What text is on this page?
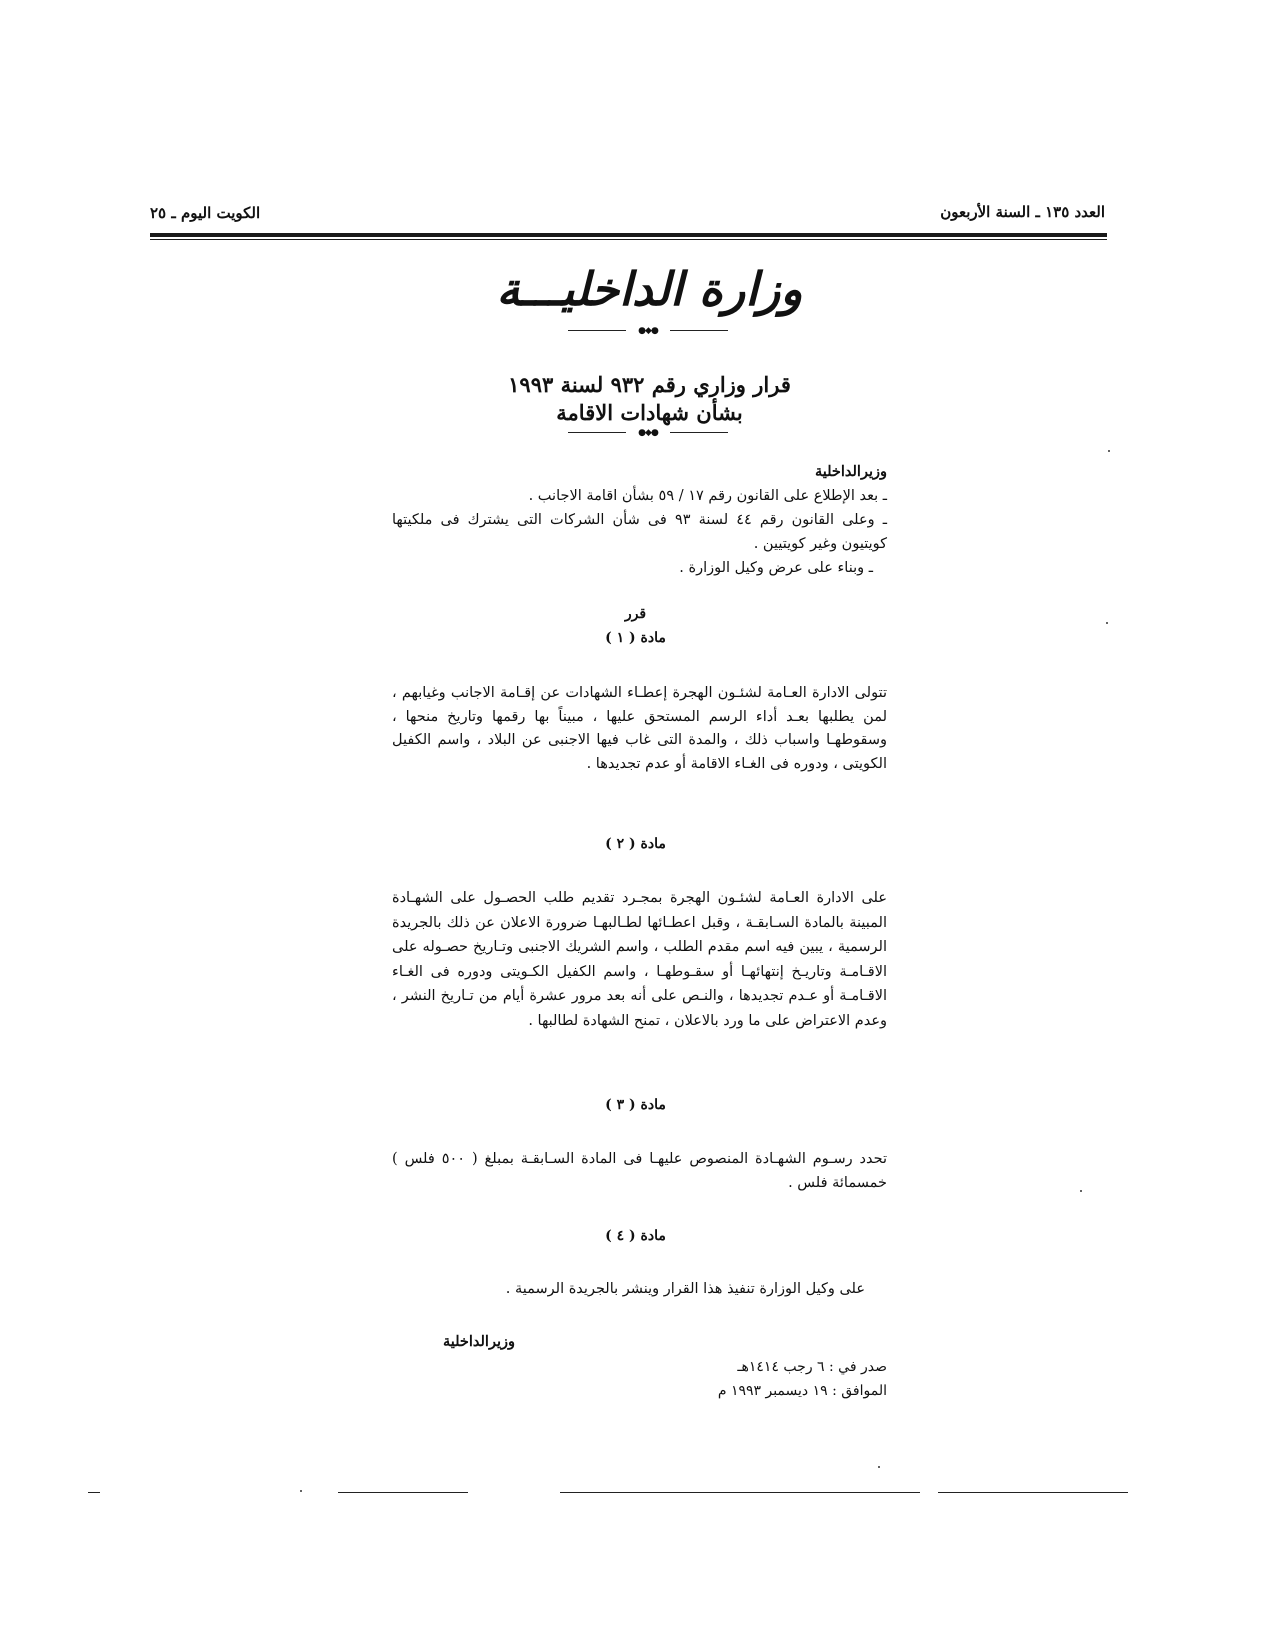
العدد ١٣٥ ـ السنة الأربعون
الكويت اليوم ـ ٢٥
وزارة الداخليـــة
●◆●
قرار وزاري رقم ٩٣٢ لسنة ١٩٩٣
بشأن شهادات الاقامة
●◆●
وزيرالداخلية
ـ بعد الإطلاع على القانون رقم ١٧ / ٥٩ بشأن اقامة الاجانب .
ـ وعلى القانون رقم ٤٤ لسنة ٩٣ فى شأن الشركات التى يشترك فى ملكيتها كويتيون وغير كويتيين .
ـ وبناء على عرض وكيل الوزارة .
قرر
مادة ( ١ )
تتولى الادارة العـامة لشئـون الهجرة إعطـاء الشهادات عن إقـامة الاجانب وغيابهم ، لمن يطلبها بعـد أداء الرسم المستحق عليها ، مبيناً بها رقمها وتاريخ منحها ، وسقوطهـا واسباب ذلك ، والمدة التى غاب فيها الاجنبى عن البلاد ، واسم الكفيل الكويتى ، ودوره فى الغـاء الاقامة أو عدم تجديدها .
مادة ( ٢ )
على الادارة العـامة لشئـون الهجرة بمجـرد تقديم طلب الحصـول على الشهـادة المبينة بالمادة السـابقـة ، وقبل اعطـائها لطـالبهـا ضرورة الاعلان عن ذلك بالجريدة الرسمية ، يبين فيه اسم مقدم الطلب ، واسم الشريك الاجنبى وتـاريخ حصـوله على الاقـامـة وتاريـخ إنتهائهـا أو سقـوطهـا ، واسم الكفيل الكـويتى ودوره فى الغـاء الاقـامـة أو عـدم تجديدها ، والنـص على أنه بعد مرور عشرة أيام من تـاريخ النشر ، وعدم الاعتراض على ما ورد بالاعلان ، تمنح الشهادة لطالبها .
مادة ( ٣ )
تحدد رسـوم الشهـادة المنصوص عليهـا فى المادة السـابقـة بمبلغ ( ٥٠٠ فلس ) خمسمائة فلس .
مادة ( ٤ )
على وكيل الوزارة تنفيذ هذا القرار وينشر بالجريدة الرسمية .
وزيرالداخلية
صدر في : ٦ رجب ١٤١٤هـ
الموافق : ١٩ ديسمبر ١٩٩٣ م
